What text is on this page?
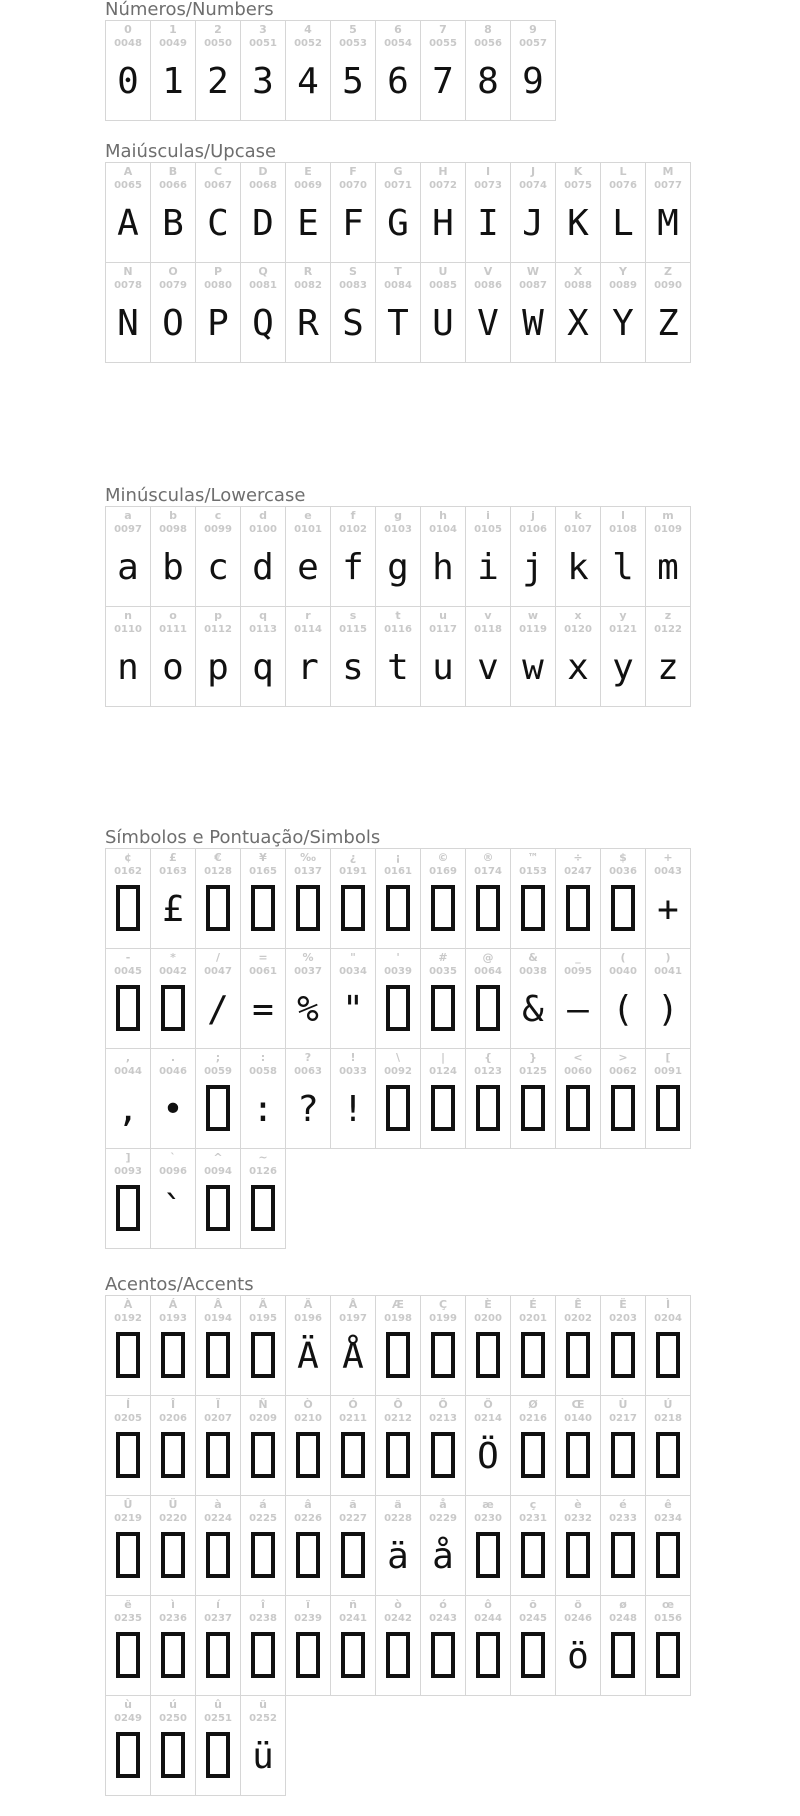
Números/Numbers
0
0048
0
1
0049
1
2
0050
2
3
0051
3
4
0052
4
5
0053
5
6
0054
6
7
0055
7
8
0056
8
9
0057
9
Maiúsculas/Upcase
A
0065
A
B
0066
B
C
0067
C
D
0068
D
E
0069
E
F
0070
F
G
0071
G
H
0072
H
I
0073
I
J
0074
J
K
0075
K
L
0076
L
M
0077
M
N
0078
N
O
0079
O
P
0080
P
Q
0081
Q
R
0082
R
S
0083
S
T
0084
T
U
0085
U
V
0086
V
W
0087
W
X
0088
X
Y
0089
Y
Z
0090
Z
Minúsculas/Lowercase
a
0097
a
b
0098
b
c
0099
c
d
0100
d
e
0101
e
f
0102
f
g
0103
g
h
0104
h
i
0105
i
j
0106
j
k
0107
k
l
0108
l
m
0109
m
n
0110
n
o
0111
o
p
0112
p
q
0113
q
r
0114
r
s
0115
s
t
0116
t
u
0117
u
v
0118
v
w
0119
w
x
0120
x
y
0121
y
z
0122
z
Símbolos e Pontuação/Simbols
¢
0162
£
0163
£
€
0128
¥
0165
‰
0137
¿
0191
¡
0161
©
0169
®
0174
™
0153
÷
0247
$
0036
+
0043
+
-
0045
*
0042
/
0047
/
=
0061
=
%
0037
%
"
0034
"
'
0039
#
0035
@
0064
&
0038
&
_
0095
—
(
0040
(
)
0041
)
,
0044
,
.
0046
•
;
0059
:
0058
:
?
0063
?
!
0033
!
\
0092
|
0124
{
0123
}
0125
<
0060
>
0062
[
0091
]
0093
`
0096
`
^
0094
~
0126
Acentos/Accents
À
0192
Á
0193
Â
0194
Ã
0195
Ä
0196
Ä
Å
0197
Å
Æ
0198
Ç
0199
È
0200
É
0201
Ê
0202
Ë
0203
Ì
0204
Í
0205
Î
0206
Ï
0207
Ñ
0209
Ò
0210
Ó
0211
Ô
0212
Õ
0213
Ö
0214
Ö
Ø
0216
Œ
0140
Ù
0217
Ú
0218
Û
0219
Ü
0220
à
0224
á
0225
â
0226
ã
0227
ä
0228
ä
å
0229
å
æ
0230
ç
0231
è
0232
é
0233
ê
0234
ë
0235
ì
0236
í
0237
î
0238
ï
0239
ñ
0241
ò
0242
ó
0243
ô
0244
õ
0245
ö
0246
ö
ø
0248
œ
0156
ù
0249
ú
0250
û
0251
ü
0252
ü
